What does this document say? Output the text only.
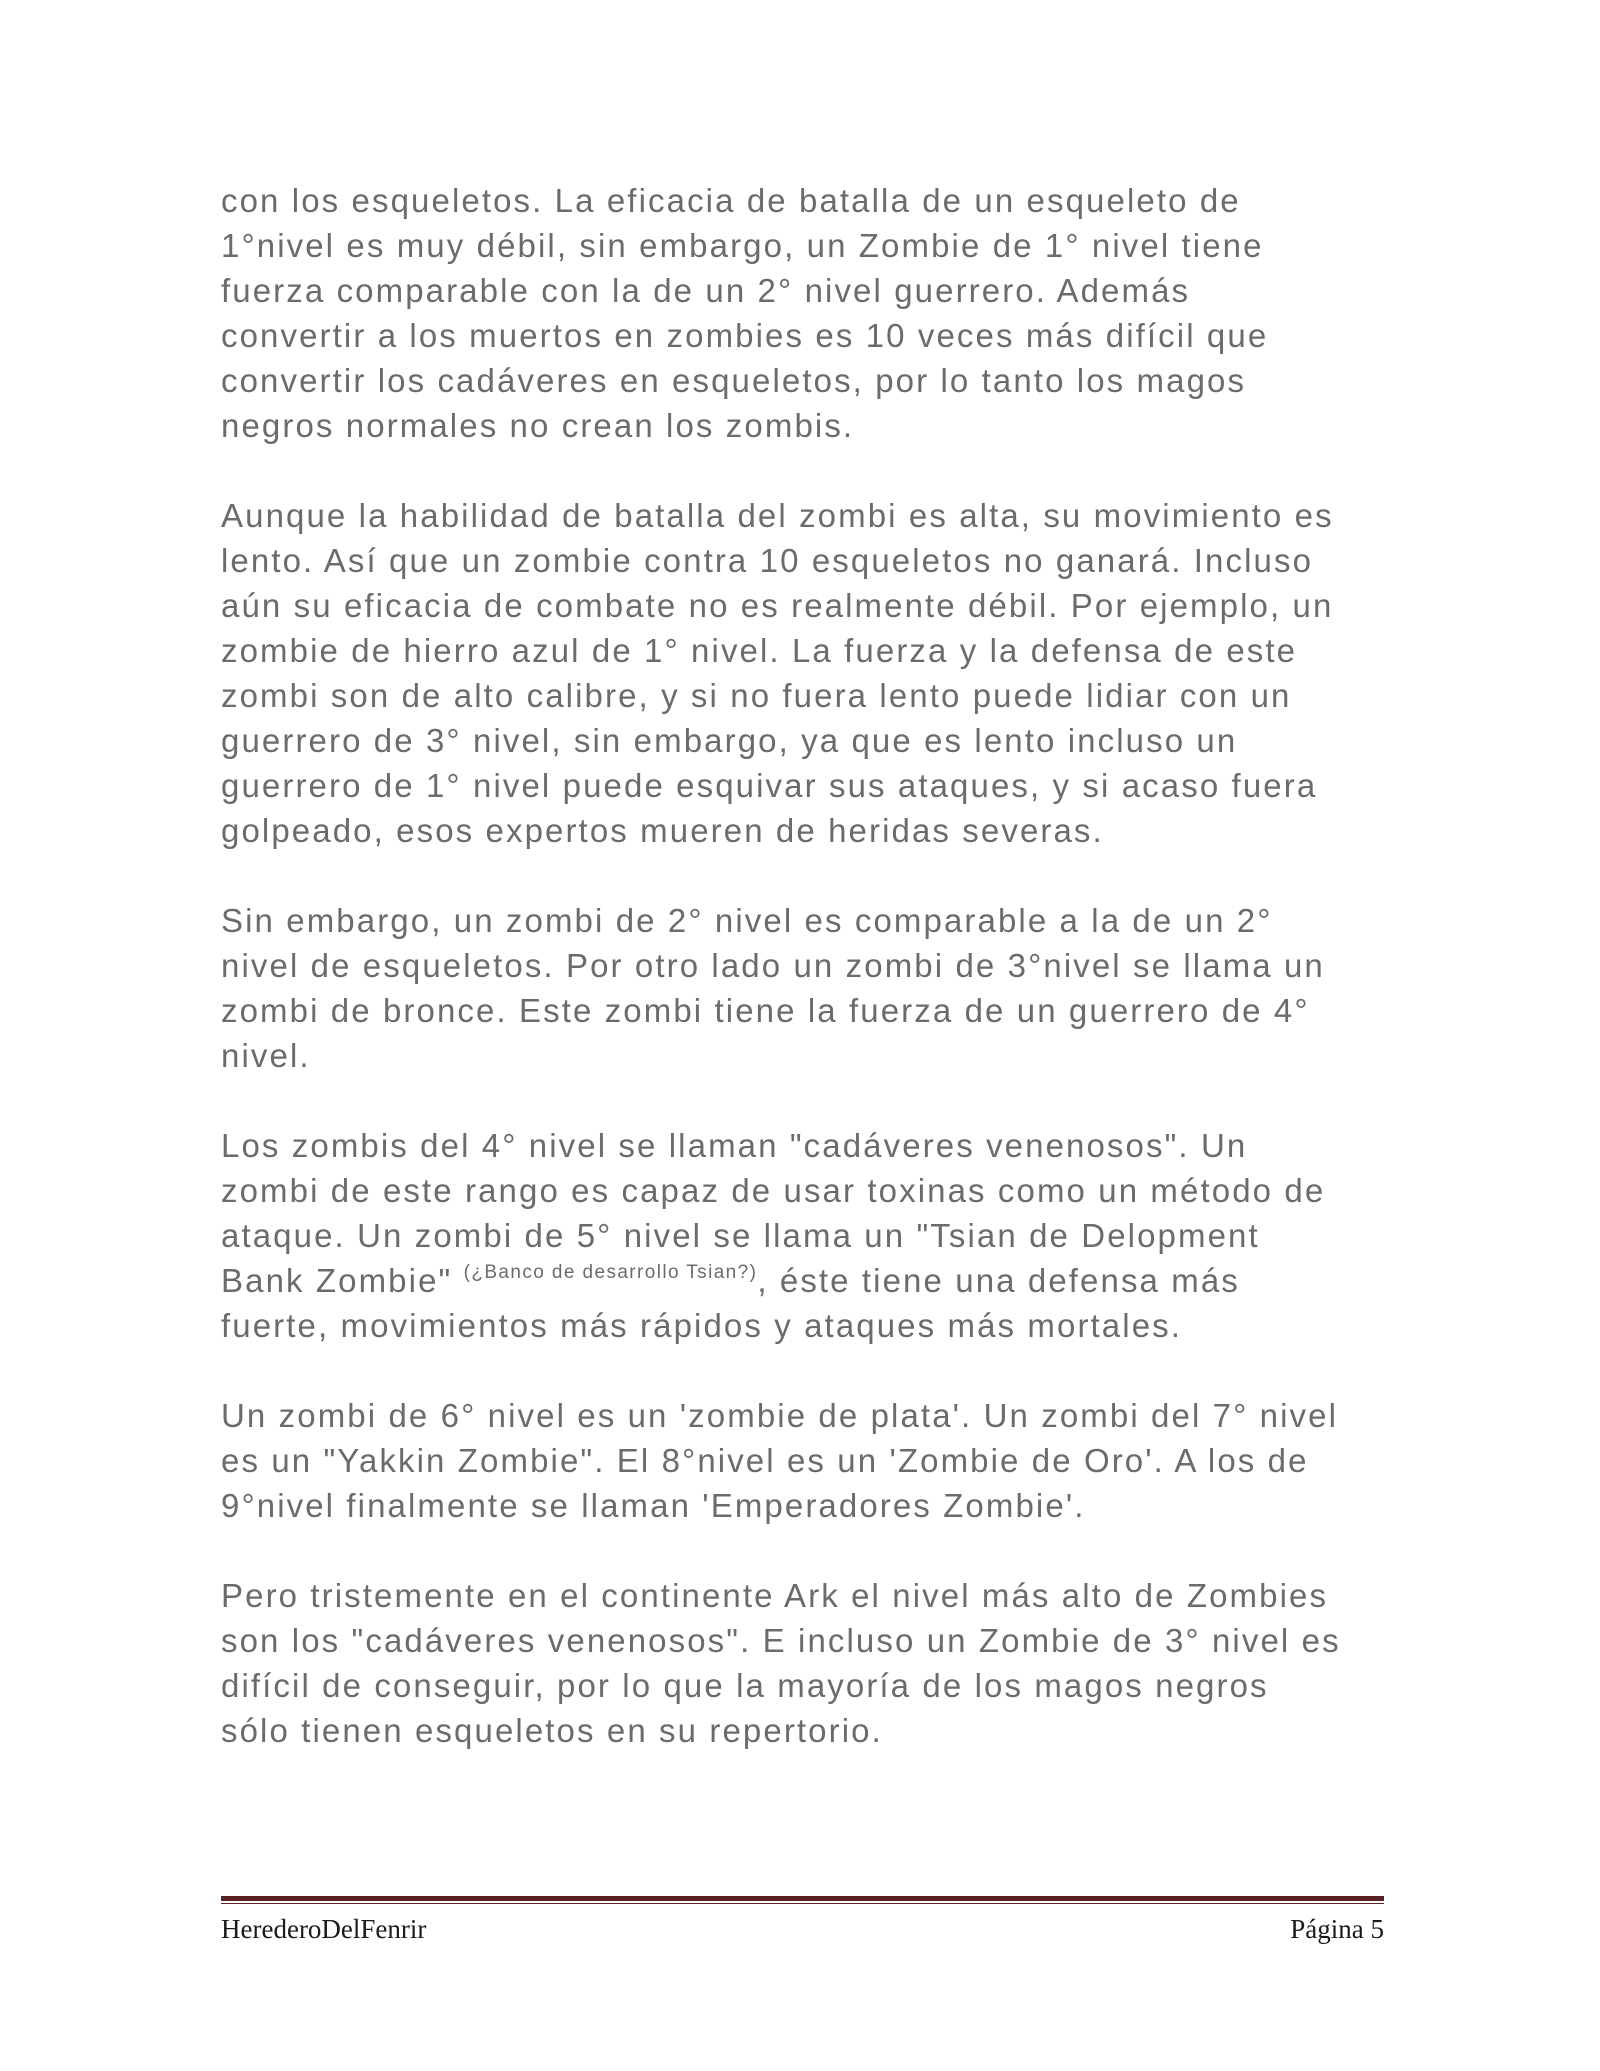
con los esqueletos. La eficacia de batalla de un esqueleto de
1°nivel es muy débil, sin embargo, un Zombie de 1° nivel tiene
fuerza comparable con la de un 2° nivel guerrero. Además
convertir a los muertos en zombies es 10 veces más difícil que
convertir los cadáveres en esqueletos, por lo tanto los magos
negros normales no crean los zombis.

Aunque la habilidad de batalla del zombi es alta, su movimiento es
lento. Así que un zombie contra 10 esqueletos no ganará. Incluso
aún su eficacia de combate no es realmente débil. Por ejemplo, un
zombie de hierro azul de 1° nivel. La fuerza y la defensa de este
zombi son de alto calibre, y si no fuera lento puede lidiar con un
guerrero de 3° nivel, sin embargo, ya que es lento incluso un
guerrero de 1° nivel puede esquivar sus ataques, y si acaso fuera
golpeado, esos expertos mueren de heridas severas.

Sin embargo, un zombi de 2° nivel es comparable a la de un 2°
nivel de esqueletos. Por otro lado un zombi de 3°nivel se llama un
zombi de bronce. Este zombi tiene la fuerza de un guerrero de 4°
nivel.

Los zombis del 4° nivel se llaman "cadáveres venenosos". Un
zombi de este rango es capaz de usar toxinas como un método de
ataque. Un zombi de 5° nivel se llama un "Tsian de Delopment
Bank Zombie" $^{(¿Banco de desarrollo Tsian?)}$, éste tiene una defensa más
fuerte, movimientos más rápidos y ataques más mortales.

Un zombi de 6° nivel es un 'zombie de plata'. Un zombi del 7° nivel
es un "Yakkin Zombie". El 8°nivel es un 'Zombie de Oro'. A los de
9°nivel finalmente se llaman 'Emperadores Zombie'.

Pero tristemente en el continente Ark el nivel más alto de Zombies
son los "cadáveres venenosos". E incluso un Zombie de 3° nivel es
difícil de conseguir, por lo que la mayoría de los magos negros
sólo tienen esqueletos en su repertorio.

HerederoDelFenrir	Página 5
